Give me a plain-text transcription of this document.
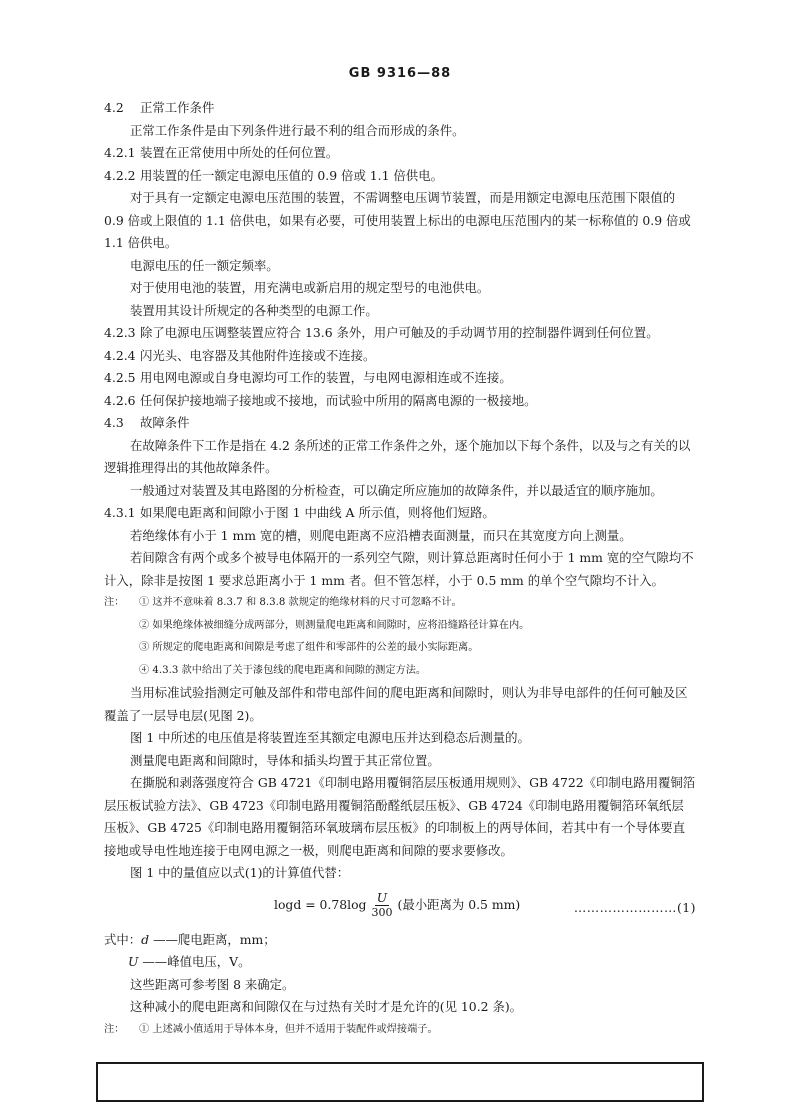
GB 9316—88

4.2 正常工作条件

正常工作条件是由下列条件进行最不利的组合而形成的条件。

4.2.1 装置在正常使用中所处的任何位置。

4.2.2 用装置的任一额定电源电压值的 0.9 倍或 1.1 倍供电。

对于具有一定额定电源电压范围的装置，不需调整电压调节装置，而是用额定电源电压范围下限值的 0.9 倍或上限值的 1.1 倍供电，如果有必要，可使用装置上标出的电源电压范围内的某一标称值的 0.9 倍或 1.1 倍供电。

电源电压的任一额定频率。

对于使用电池的装置，用充满电或新启用的规定型号的电池供电。

装置用其设计所规定的各种类型的电源工作。

4.2.3 除了电源电压调整装置应符合 13.6 条外，用户可触及的手动调节用的控制器件调到任何位置。

4.2.4 闪光头、电容器及其他附件连接或不连接。

4.2.5 用电网电源或自身电源均可工作的装置，与电网电源相连或不连接。

4.2.6 任何保护接地端子接地或不接地，而试验中所用的隔离电源的一极接地。

4.3 故障条件

在故障条件下工作是指在 4.2 条所述的正常工作条件之外，逐个施加以下每个条件，以及与之有关的以逻辑推理得出的其他故障条件。

一般通过对装置及其电路图的分析检查，可以确定所应施加的故障条件，并以最适宜的顺序施加。

4.3.1 如果爬电距离和间隙小于图 1 中曲线 A 所示值，则将他们短路。

若绝缘体有小于 1 mm 宽的槽，则爬电距离不应沿槽表面测量，而只在其宽度方向上测量。

若间隙含有两个或多个被导电体隔开的一系列空气隙，则计算总距离时任何小于 1 mm 宽的空气隙均不计入，除非是按图 1 要求总距离小于 1 mm 者。但不管怎样，小于 0.5 mm 的单个空气隙均不计入。

注： ① 这并不意味着 8.3.7 和 8.3.8 款规定的绝缘材料的尺寸可忽略不计。

② 如果绝缘体被细缝分成两部分，则测量爬电距离和间隙时，应将沿缝路径计算在内。

③ 所规定的爬电距离和间隙是考虑了组件和零部件的公差的最小实际距离。

④ 4.3.3 款中给出了关于漆包线的爬电距离和间隙的测定方法。

当用标准试验指测定可触及部件和带电部件间的爬电距离和间隙时，则认为非导电部件的任何可触及区覆盖了一层导电层(见图 2)。

图 1 中所述的电压值是将装置连至其额定电源电压并达到稳态后测量的。

测量爬电距离和间隙时，导体和插头均置于其正常位置。

在撕脱和剥落强度符合 GB 4721《印制电路用覆铜箔层压板通用规则》、GB 4722《印制电路用覆铜箔层压板试验方法》、GB 4723《印制电路用覆铜箔酚醛纸层压板》、GB 4724《印制电路用覆铜箔环氧纸层压板》、GB 4725《印制电路用覆铜箔环氧玻璃布层压板》的印制板上的两导体间，若其中有一个导体要直接地或导电性地连接于电网电源之一极，则爬电距离和间隙的要求要修改。

图 1 中的量值应以式(1)的计算值代替：

$\log d = 0.78\log \frac{U}{300}$ (最小距离为 0.5 mm)	……………………(1)

式中：d ——爬电距离，mm；

U ——峰值电压，V。

这些距离可参考图 8 来确定。

这种减小的爬电距离和间隙仅在与过热有关时才是允许的(见 10.2 条)。

注： ① 上述减小值适用于导体本身，但并不适用于装配件或焊接端子。
